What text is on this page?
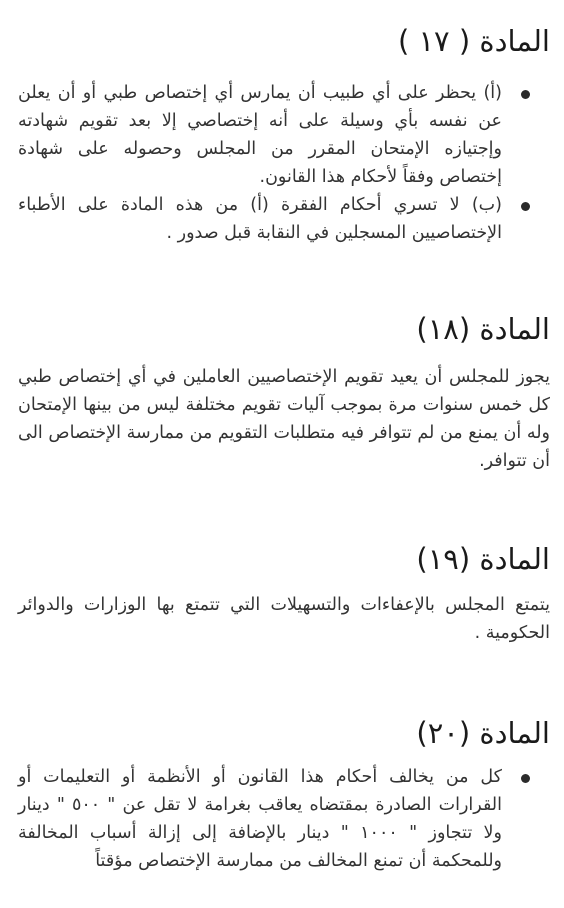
المادة ( ١٧ )
(أ) يحظر على أي طبيب أن يمارس أي إختصاص طبي أو أن يعلن عن نفسه بأي وسيلة على أنه إختصاصي إلا بعد تقويم شهادته وإجتيازه الإمتحان المقرر من المجلس وحصوله على شهادة إختصاص وفقاً لأحكام هذا القانون.
(ب) لا تسري أحكام الفقرة (أ) من هذه المادة على الأطباء الإختصاصيين المسجلين في النقابة قبل صدور .
المادة (١٨)

يجوز للمجلس أن يعيد تقويم الإختصاصيين العاملين في أي إختصاص طبي كل خمس سنوات مرة بموجب آليات تقويم مختلفة ليس من بينها الإمتحان وله أن يمنع من لم تتوافر فيه متطلبات التقويم من ممارسة الإختصاص الى أن تتوافر.

المادة (١٩)

يتمتع المجلس بالإعفاءات والتسهيلات التي تتمتع بها الوزارات والدوائر الحكومية .

المادة (٢٠)
كل من يخالف أحكام هذا القانون أو الأنظمة أو التعليمات أو القرارات الصادرة بمقتضاه يعاقب بغرامة لا تقل عن " ٥٠٠ " دينار ولا تتجاوز " ١٠٠٠ " دينار بالإضافة إلى إزالة أسباب المخالفة وللمحكمة أن تمنع المخالف من ممارسة الإختصاص مؤقتاً
